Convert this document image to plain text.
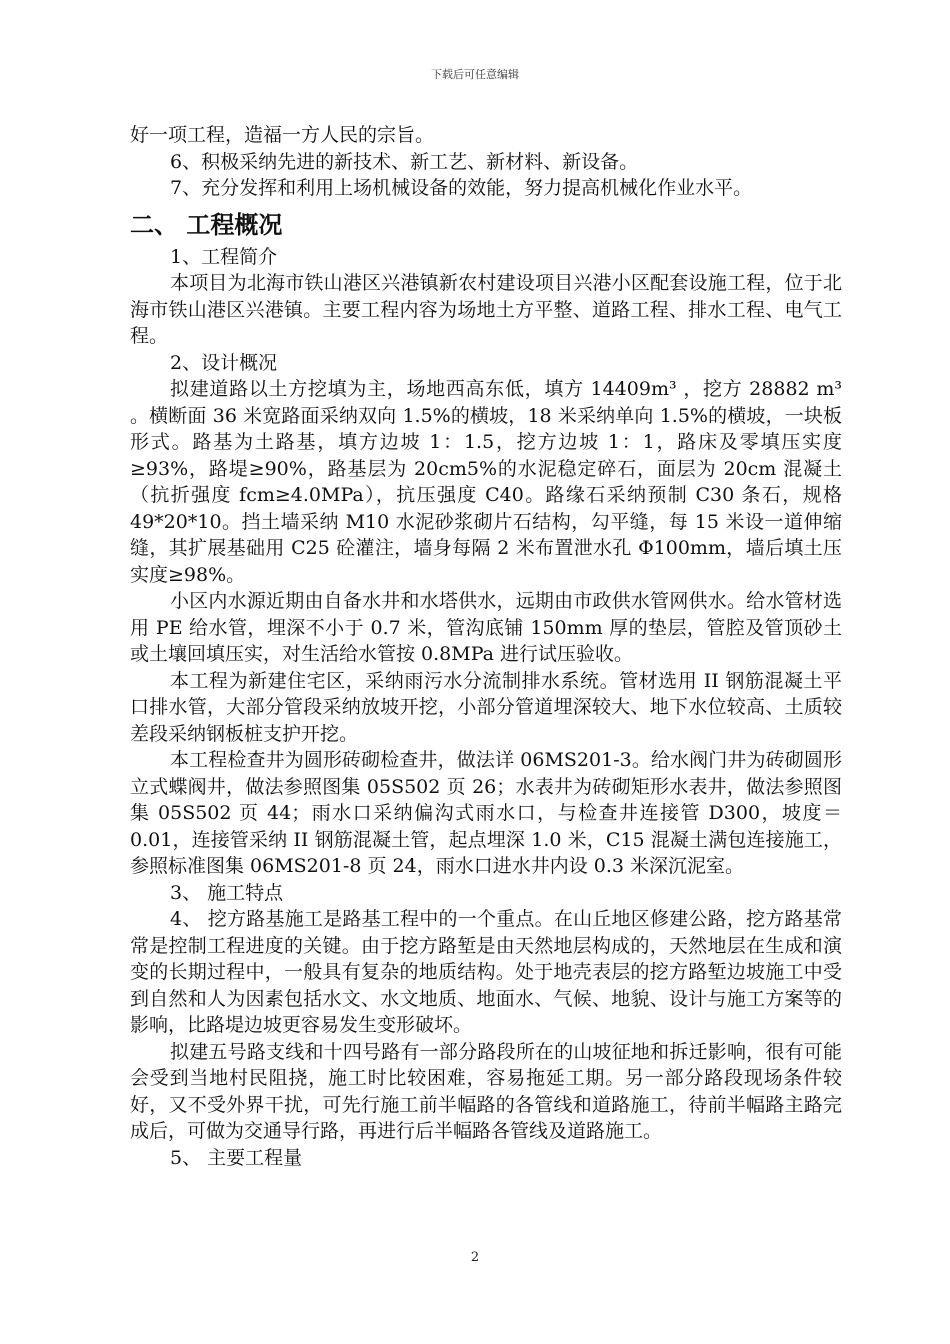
下载后可任意编辑

好一项工程，造福一方人民的宗旨。

6、积极采纳先进的新技术、新工艺、新材料、新设备。

7、充分发挥和利用上场机械设备的效能，努力提高机械化作业水平。

二、 工程概况

1、工程简介

本项目为北海市铁山港区兴港镇新农村建设项目兴港小区配套设施工程，位于北海市铁山港区兴港镇。主要工程内容为场地土方平整、道路工程、排水工程、电气工程。

2、设计概况

拟建道路以土方挖填为主，场地西高东低，填方 14409m³ ，挖方 28882 m³ 。横断面 36 米宽路面采纳双向 1.5%的横坡，18 米采纳单向 1.5%的横坡，一块板形式。路基为土路基，填方边坡 1：1.5，挖方边坡 1：1，路床及零填压实度≥93%，路堤≥90%，路基层为 20cm5%的水泥稳定碎石，面层为 20cm 混凝土（抗折强度 fcm≥4.0MPa），抗压强度 C40。路缘石采纳预制 C30 条石，规格 49*20*10。挡土墙采纳 M10 水泥砂浆砌片石结构，勾平缝，每 15 米设一道伸缩缝，其扩展基础用 C25 砼灌注，墙身每隔 2 米布置泄水孔 Φ100mm，墙后填土压实度≥98%。

小区内水源近期由自备水井和水塔供水，远期由市政供水管网供水。给水管材选用 PE 给水管，埋深不小于 0.7 米，管沟底铺 150mm 厚的垫层，管腔及管顶砂土或土壤回填压实，对生活给水管按 0.8MPa 进行试压验收。

本工程为新建住宅区，采纳雨污水分流制排水系统。管材选用 II 钢筋混凝土平口排水管，大部分管段采纳放坡开挖，小部分管道埋深较大、地下水位较高、土质较差段采纳钢板桩支护开挖。

本工程检查井为圆形砖砌检查井，做法详 06MS201-3。给水阀门井为砖砌圆形立式蝶阀井，做法参照图集 05S502 页 26；水表井为砖砌矩形水表井，做法参照图集 05S502 页 44；雨水口采纳偏沟式雨水口，与检查井连接管 D300，坡度＝0.01，连接管采纳 II 钢筋混凝土管，起点埋深 1.0 米，C15 混凝土满包连接施工，参照标准图集 06MS201-8 页 24，雨水口进水井内设 0.3 米深沉泥室。

3、 施工特点

4、 挖方路基施工是路基工程中的一个重点。在山丘地区修建公路，挖方路基常常是控制工程进度的关键。由于挖方路堑是由天然地层构成的，天然地层在生成和演变的长期过程中，一般具有复杂的地质结构。处于地壳表层的挖方路堑边坡施工中受到自然和人为因素包括水文、水文地质、地面水、气候、地貌、设计与施工方案等的影响，比路堤边坡更容易发生变形破坏。

拟建五号路支线和十四号路有一部分路段所在的山坡征地和拆迁影响，很有可能会受到当地村民阻挠，施工时比较困难，容易拖延工期。另一部分路段现场条件较好，又不受外界干扰，可先行施工前半幅路的各管线和道路施工，待前半幅路主路完成后，可做为交通导行路，再进行后半幅路各管线及道路施工。

5、 主要工程量

2
